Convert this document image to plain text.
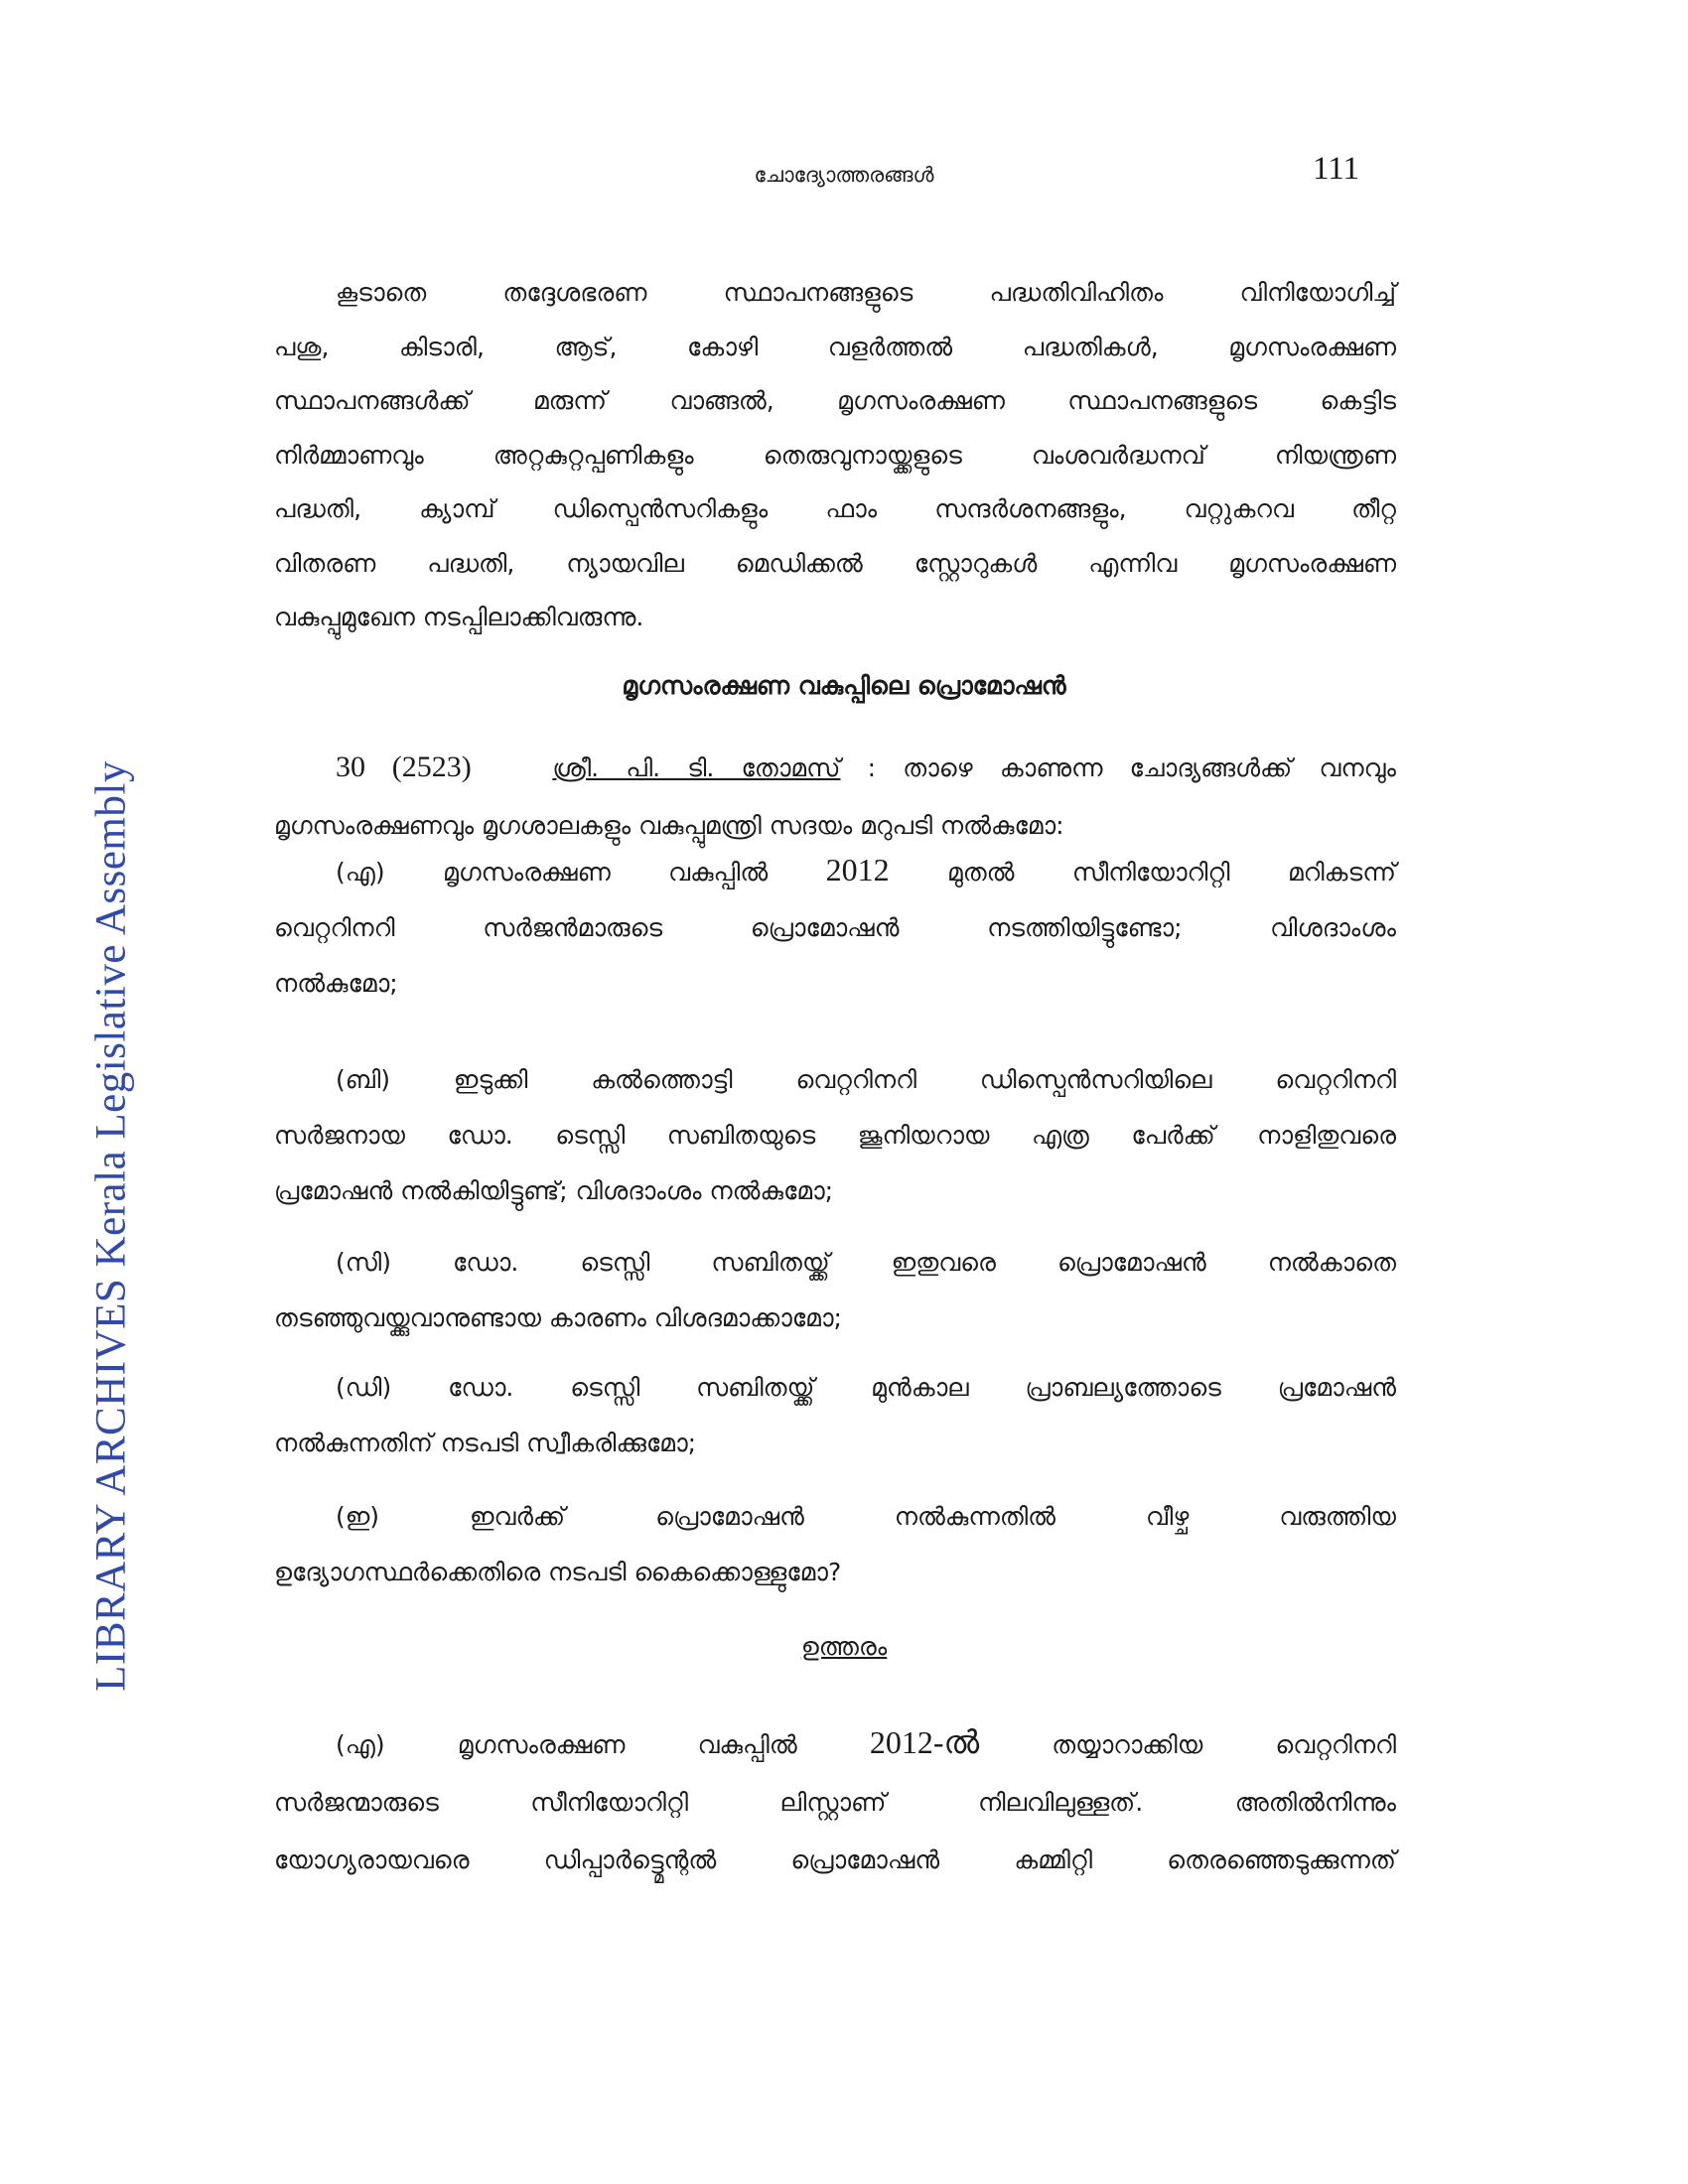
LIBRARY ARCHIVES Kerala Legislative Assembly
ചോദ്യോത്തരങ്ങൾ	111
കൂടാതെ തദ്ദേശഭരണ സ്ഥാപനങ്ങളുടെ പദ്ധതിവിഹിതം വിനിയോഗിച്ച്
പശു, കിടാരി, ആട്, കോഴി വളർത്തൽ പദ്ധതികൾ, മൃഗസംരക്ഷണ
സ്ഥാപനങ്ങൾക്ക് മരുന്ന് വാങ്ങൽ, മൃഗസംരക്ഷണ സ്ഥാപനങ്ങളുടെ കെട്ടിട
നിർമ്മാണവും അറ്റകുറ്റപ്പണികളും തെരുവുനായ്ക്കളുടെ വംശവർദ്ധനവ് നിയന്ത്രണ
പദ്ധതി, ക്യാമ്പ് ഡിസ്പെൻസറികളും ഫാം സന്ദർശനങ്ങളും, വറ്റുകറവ തീറ്റ
വിതരണ പദ്ധതി, ന്യായവില മെഡിക്കൽ സ്റ്റോറുകൾ എന്നിവ മൃഗസംരക്ഷണ
വകുപ്പുമുഖേന നടപ്പിലാക്കിവരുന്നു.
മൃഗസംരക്ഷണ വകുപ്പിലെ പ്രൊമോഷൻ
30 (2523)	ശ്രീ. പി. ടി. തോമസ് : താഴെ കാണുന്ന ചോദ്യങ്ങൾക്ക് വനവും
മൃഗസംരക്ഷണവും മൃഗശാലകളും വകുപ്പുമന്ത്രി സദയം മറുപടി നൽകുമോ:
(എ) മൃഗസംരക്ഷണ വകുപ്പിൽ 2012 മുതൽ സീനിയോറിറ്റി മറികടന്ന്
വെറ്ററിനറി സർജൻമാരുടെ പ്രൊമോഷൻ നടത്തിയിട്ടുണ്ടോ; വിശദാംശം
നൽകുമോ;
(ബി) ഇടുക്കി കൽത്തൊട്ടി വെറ്ററിനറി ഡിസ്പെൻസറിയിലെ വെറ്ററിനറി
സർജനായ ഡോ. ടെസ്സി സബിതയുടെ ജൂനിയറായ എത്ര പേർക്ക് നാളിതുവരെ
പ്രമോഷൻ നൽകിയിട്ടുണ്ട്; വിശദാംശം നൽകുമോ;
(സി) ഡോ. ടെസ്സി സബിതയ്ക്ക് ഇതുവരെ പ്രൊമോഷൻ നൽകാതെ
തടഞ്ഞുവയ്ക്കുവാനുണ്ടായ കാരണം വിശദമാക്കാമോ;
(ഡി) ഡോ. ടെസ്സി സബിതയ്ക്ക് മുൻകാല പ്രാബല്യത്തോടെ പ്രമോഷൻ
നൽകുന്നതിന് നടപടി സ്വീകരിക്കുമോ;
(ഇ) ഇവർക്ക് പ്രൊമോഷൻ നൽകുന്നതിൽ വീഴ്ച വരുത്തിയ
ഉദ്യോഗസ്ഥർക്കെതിരെ നടപടി കൈക്കൊള്ളുമോ?
ഉത്തരം
(എ)	മൃഗസംരക്ഷണ വകുപ്പിൽ 2012-ൽ	തയ്യാറാക്കിയ വെറ്ററിനറി
സർജന്മാരുടെ സീനിയോറിറ്റി ലിസ്റ്റാണ് നിലവിലുള്ളത്. അതിൽനിന്നും
യോഗ്യരായവരെ ഡിപ്പാർട്ട്മെന്റൽ പ്രൊമോഷൻ കമ്മിറ്റി തെരഞ്ഞെടുക്കുന്നത്
